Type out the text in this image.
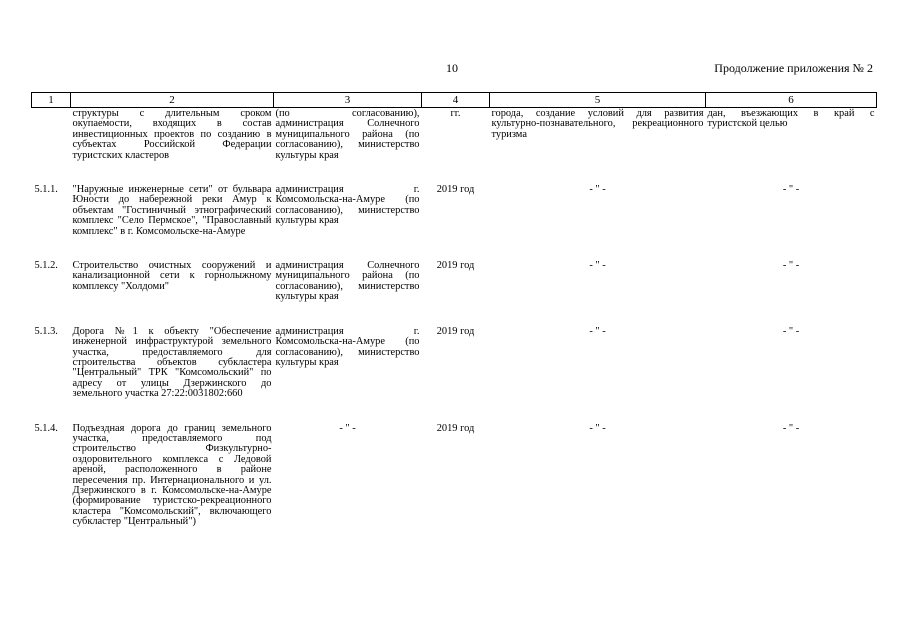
10	Продолжение приложения № 2
1	2	3	4	5	6
	структуры с длительным сроком окупаемости, входящих в состав инвестиционных проектов по созданию в субъектах Российской Федерации туристских кластеров	(по согласованию), администрация Солнечного муниципального района (по согласованию), министерство культуры края	гг.	города, создание условий для развития культурно-познавательного, рекреационного туризма	дан, въезжающих в край с туристской целью

5.1.1.	"Наружные инженерные сети" от бульвара Юности до набережной реки Амур к объектам "Гостиничный этнографический комплекс "Село Пермское", "Православный комплекс" в г. Комсомольске-на-Амуре	администрация г. Комсомольска-на-Амуре (по согласованию), министерство культуры края	2019 год	- " -	- " -

5.1.2.	Строительство очистных сооружений и канализационной сети к горнолыжному комплексу "Холдоми"	администрация Солнечного муниципального района (по согласованию), министерство культуры края	2019 год	- " -	- " -

5.1.3.	Дорога №1 к объекту "Обеспечение инженерной инфраструктурой земельного участка, предоставляемого для строительства объектов субкластера "Центральный" ТРК "Комсомольский" по адресу от улицы Дзержинского до земельного участка 27:22:0031802:660	администрация г. Комсомольска-на-Амуре (по согласованию), министерство культуры края	2019 год	- " -	- " -

5.1.4.	Подъездная дорога до границ земельного участка, предоставляемого под строительство Физкультурно-оздоровительного комплекса с Ледовой ареной, расположенного в районе пересечения пр. Интернационального и ул. Дзержинского в г. Комсомольске-на-Амуре (формирование туристско-рекреационного кластера "Комсомольский", включающего субкластер "Центральный")	- " -	2019 год	- " -	- " -
